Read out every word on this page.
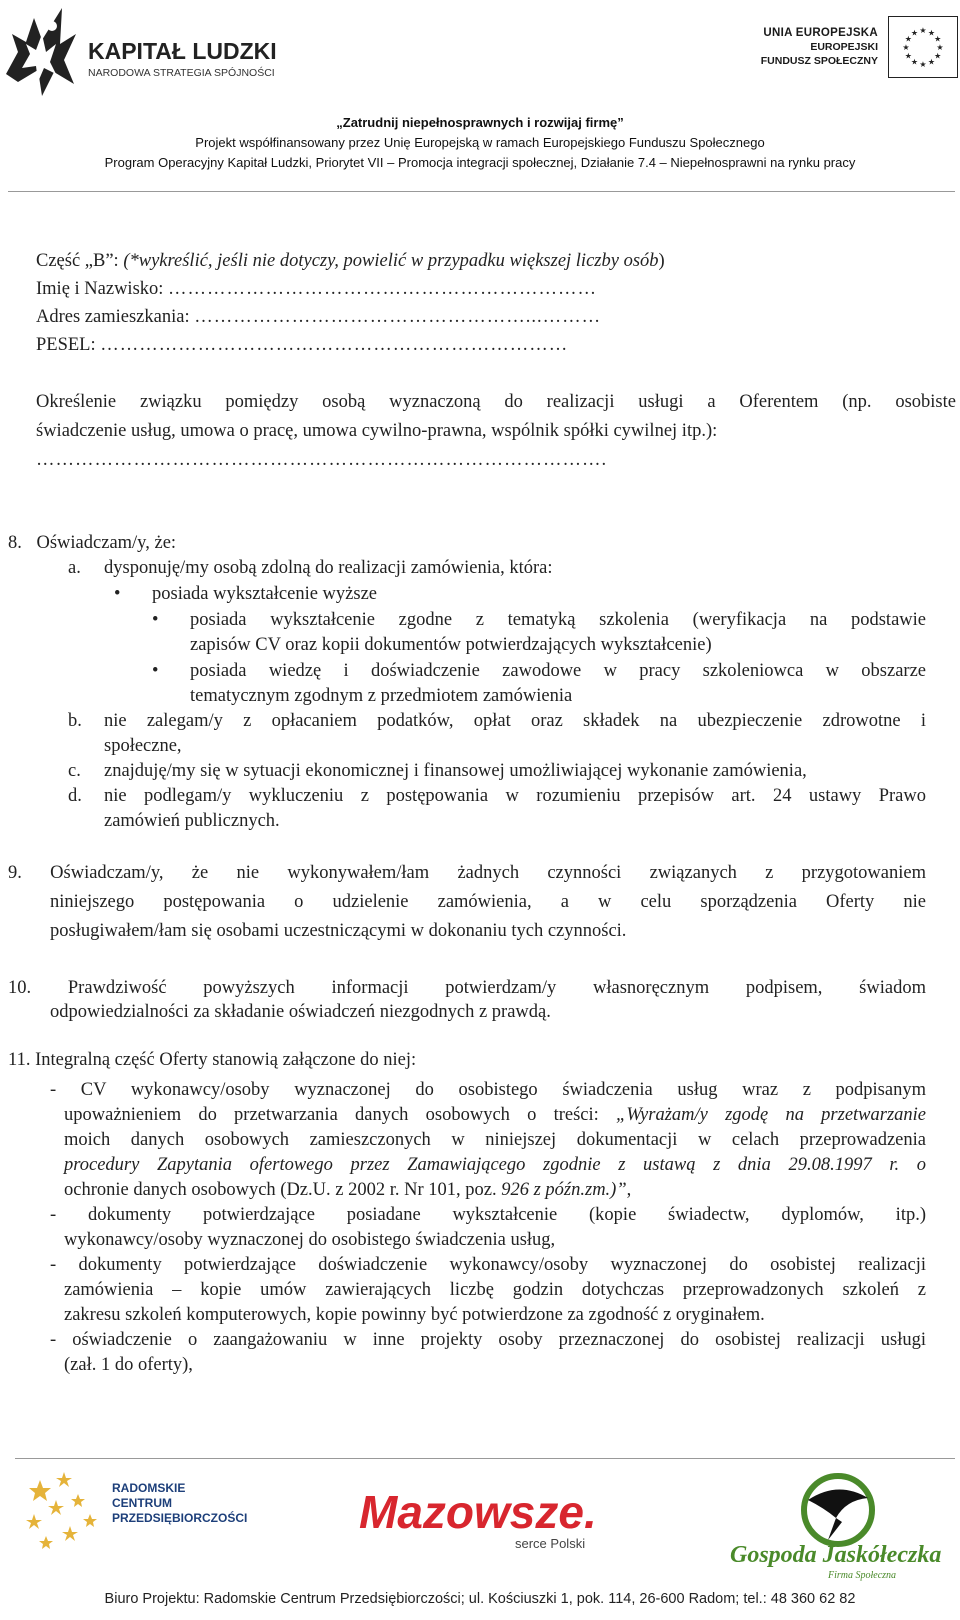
KAPITAŁ LUDZKI
NARODOWA STRATEGIA SPÓJNOŚCI
UNIA EUROPEJSKA
EUROPEJSKI
FUNDUSZ SPOŁECZNY
★
★
★
★
★
★
★
★
★ ★ ★
★
„Zatrudnij niepełnosprawnych i rozwijaj firmę”
Projekt współfinansowany przez Unię Europejską w ramach Europejskiego Funduszu Społecznego
Program Operacyjny Kapitał Ludzki, Priorytet VII – Promocja integracji społecznej, Działanie 7.4 – Niepełnosprawni na rynku pracy
Część „B”: (*wykreślić, jeśli nie dotyczy, powielić w przypadku większej liczby osób)
Imię i Nazwisko: …………………………………………………………
Adres zamieszkania: ……………………………………………...………
PESEL: ………………………………………………………………
Określenie związku pomiędzy osobą wyznaczoną do realizacji usługi a Oferentem (np. osobiste
świadczenie usług, umowa o pracę, umowa cywilno-prawna, wspólnik spółki cywilnej itp.):
…………………………………………………………………………….
8. Oświadczam/y, że:
a. dysponuję/my osobą zdolną do realizacji zamówienia, która:
• posiada wykształcenie wyższe
• posiada wykształcenie zgodne z tematyką szkolenia (weryfikacja na podstawie
zapisów CV oraz kopii dokumentów potwierdzających wykształcenie)
• posiada wiedzę i doświadczenie zawodowe w pracy szkoleniowca w obszarze
tematycznym zgodnym z przedmiotem zamówienia
b. nie zalegam/y z opłacaniem podatków, opłat oraz składek na ubezpieczenie zdrowotne i
społeczne,
c. znajduję/my się w sytuacji ekonomicznej i finansowej umożliwiającej wykonanie zamówienia,
d. nie podlegam/y wykluczeniu z postępowania w rozumieniu przepisów art. 24 ustawy Prawo
zamówień publicznych.
9. Oświadczam/y, że nie wykonywałem/łam żadnych czynności związanych z przygotowaniem
niniejszego postępowania o udzielenie zamówienia, a w celu sporządzenia Oferty nie
posługiwałem/łam się osobami uczestniczącymi w dokonaniu tych czynności.
10. Prawdziwość powyższych informacji potwierdzam/y własnoręcznym podpisem, świadom
odpowiedzialności za składanie oświadczeń niezgodnych z prawdą.
11. Integralną część Oferty stanowią załączone do niej:
- CV wykonawcy/osoby wyznaczonej do osobistego świadczenia usług wraz z podpisanym
upoważnieniem do przetwarzania danych osobowych o treści: „Wyrażam/y zgodę na przetwarzanie
moich danych osobowych zamieszczonych w niniejszej dokumentacji w celach przeprowadzenia
procedury Zapytania ofertowego przez Zamawiającego zgodnie z ustawą z dnia 29.08.1997 r. o
ochronie danych osobowych (Dz.U. z 2002 r. Nr 101, poz. 926 z późn.zm.)”,
- dokumenty potwierdzające posiadane wykształcenie (kopie świadectw, dyplomów, itp.)
wykonawcy/osoby wyznaczonej do osobistego świadczenia usług,
- dokumenty potwierdzające doświadczenie wykonawcy/osoby wyznaczonej do osobistej realizacji
zamówienia – kopie umów zawierających liczbę godzin dotychczas przeprowadzonych szkoleń z
zakresu szkoleń komputerowych, kopie powinny być potwierdzone za zgodność z oryginałem.
- oświadczenie o zaangażowaniu w inne projekty osoby przeznaczonej do osobistej realizacji usługi
(zał. 1 do oferty),
RADOMSKIE
CENTRUM
PRZEDSIĘBIORCZOŚCI Mazowsze.
serce Polski	Gospoda Jaskółeczka
Firma Społeczna
Biuro Projektu: Radomskie Centrum Przedsiębiorczości; ul. Kościuszki 1, pok. 114, 26-600 Radom; tel.: 48 360 62 82
